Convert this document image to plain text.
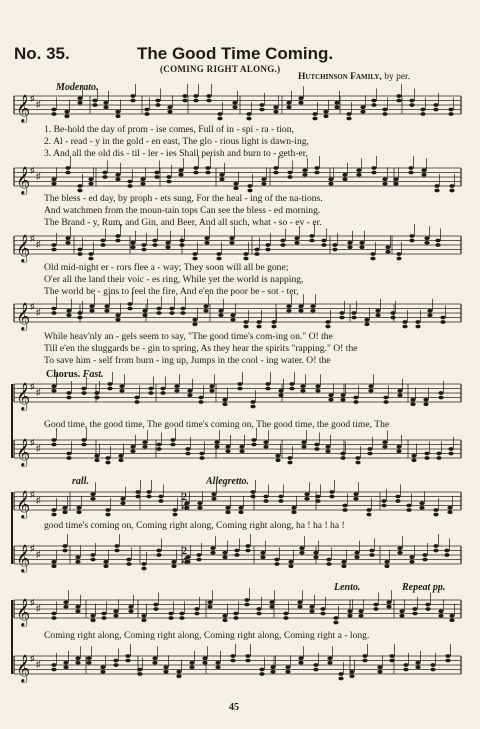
𝄞 ♯
♯
𝄞 ♯
♯
𝄞 ♯
♯
𝄞 ♯
♯
𝄞 ♯
♯
𝄞 ♯
♯
𝄞 ♯
♯
𝄞 ♯
♯
𝄞 ♯
♯
𝄞 ♯
♯
2
4
2
4
No. 35.	The Good Time Coming.
(COMING RIGHT ALONG.)
Hutchinson Family, by per.
Moderato.
1. Be-hold the day of prom - ise comes, Full of in - spi - ra - tion,
2. Al - read - y in the gold - en east, The glo - rious light is dawn-ing,
3. And all the old dis - til - ler - ies Shall perish and burn to - geth-er,
The bless - ed day, by proph - ets sung, For the heal - ing of the na-tions.
And watchmen from the moun-tain tops Can see the bless - ed morning.
The Brand - y, Rum, and Gin, and Beer, And all such, what - so - ev - er.
Old mid-night er - rors flee a - way; They soon will all be gone;
O'er all the land their voic - es ring, While yet the world is napping,
The world be - gins to feel the fire, And e'en the poor be - sot - ter,
While heav'nly an - gels seem to say, "The good time's com-ing on." O! the
Till e'en the sluggards be - gin to spring, As they hear the spirits "rapping." O! the
To save him - self from burn - ing up, Jumps in the cool - ing water. O! the
Chorus. Fast.
Good time, the good time, The good time's coming on, The good time, the good time, The
rall.	Allegretto.
good time's coming on, Coming right along, Coming right along, ha ! ha ! ha !
Lento.	Repeat pp.
Coming right along, Coming right along, Coming right along, Coming right a - long.
45
